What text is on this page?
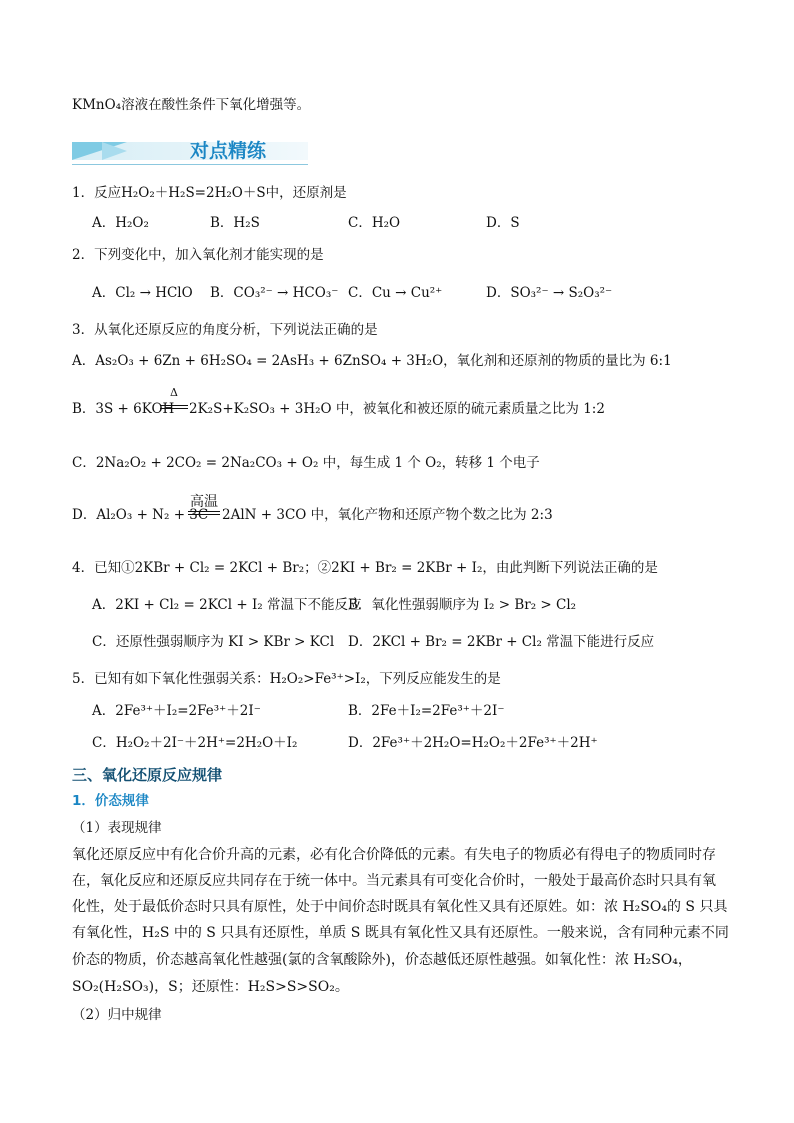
KMnO₄溶液在酸性条件下氧化增强等。
对点精练
1．反应H₂O₂＋H₂S=2H₂O＋S中，还原剂是
A．H₂O₂	B．H₂S	C．H₂O	D．S
2．下列变化中，加入氧化剂才能实现的是
A．Cl₂ → HClO B．CO₃²⁻ → HCO₃⁻ C．Cu → Cu²⁺	D．SO₃²⁻ → S₂O₃²⁻
3．从氧化还原反应的角度分析，下列说法正确的是
A．As₂O₃ + 6Zn + 6H₂SO₄ = 2AsH₃ + 6ZnSO₄ + 3H₂O，氧化剂和还原剂的物质的量比为 6:1
B．3S + 6KOH
Δ
2K₂S+K₂SO₃ + 3H₂O 中，被氧化和被还原的硫元素质量之比为 1:2
C．2Na₂O₂ + 2CO₂ = 2Na₂CO₃ + O₂ 中，每生成 1 个 O₂，转移 1 个电子
D．Al₂O₃ + N₂ + 3C
高温
2AlN + 3CO 中，氧化产物和还原产物个数之比为 2:3
4．已知①2KBr + Cl₂ = 2KCl + Br₂；②2KI + Br₂ = 2KBr + I₂，由此判断下列说法正确的是
A．2KI + Cl₂ = 2KCl + I₂ 常温下不能反应
B．氧化性强弱顺序为 I₂ > Br₂ > Cl₂
C．还原性强弱顺序为 KI > KBr > KCl D．2KCl + Br₂ = 2KBr + Cl₂ 常温下能进行反应
5．已知有如下氧化性强弱关系：H₂O₂>Fe³⁺>I₂，下列反应能发生的是
A．2Fe³⁺＋I₂=2Fe³⁺＋2I⁻	B．2Fe＋I₂=2Fe³⁺＋2I⁻
C．H₂O₂＋2I⁻＋2H⁺=2H₂O＋I₂	D．2Fe³⁺＋2H₂O=H₂O₂＋2Fe³⁺＋2H⁺
三、氧化还原反应规律
1．价态规律
（1）表现规律
氧化还原反应中有化合价升高的元素，必有化合价降低的元素。有失电子的物质必有得电子的物质同时存
在，氧化反应和还原反应共同存在于统一体中。当元素具有可变化合价时，一般处于最高价态时只具有氧
化性，处于最低价态时只具有原性，处于中间价态时既具有氧化性又具有还原姓。如：浓 H₂SO₄的 S 只具
有氧化性，H₂S 中的 S 只具有还原性，单质 S 既具有氧化性又具有还原性。一般来说，含有同种元素不同
价态的物质，价态越高氧化性越强(氯的含氧酸除外)，价态越低还原性越强。如氧化性：浓 H₂SO₄，
SO₂(H₂SO₃)，S；还原性：H₂S>S>SO₂。
（2）归中规律
